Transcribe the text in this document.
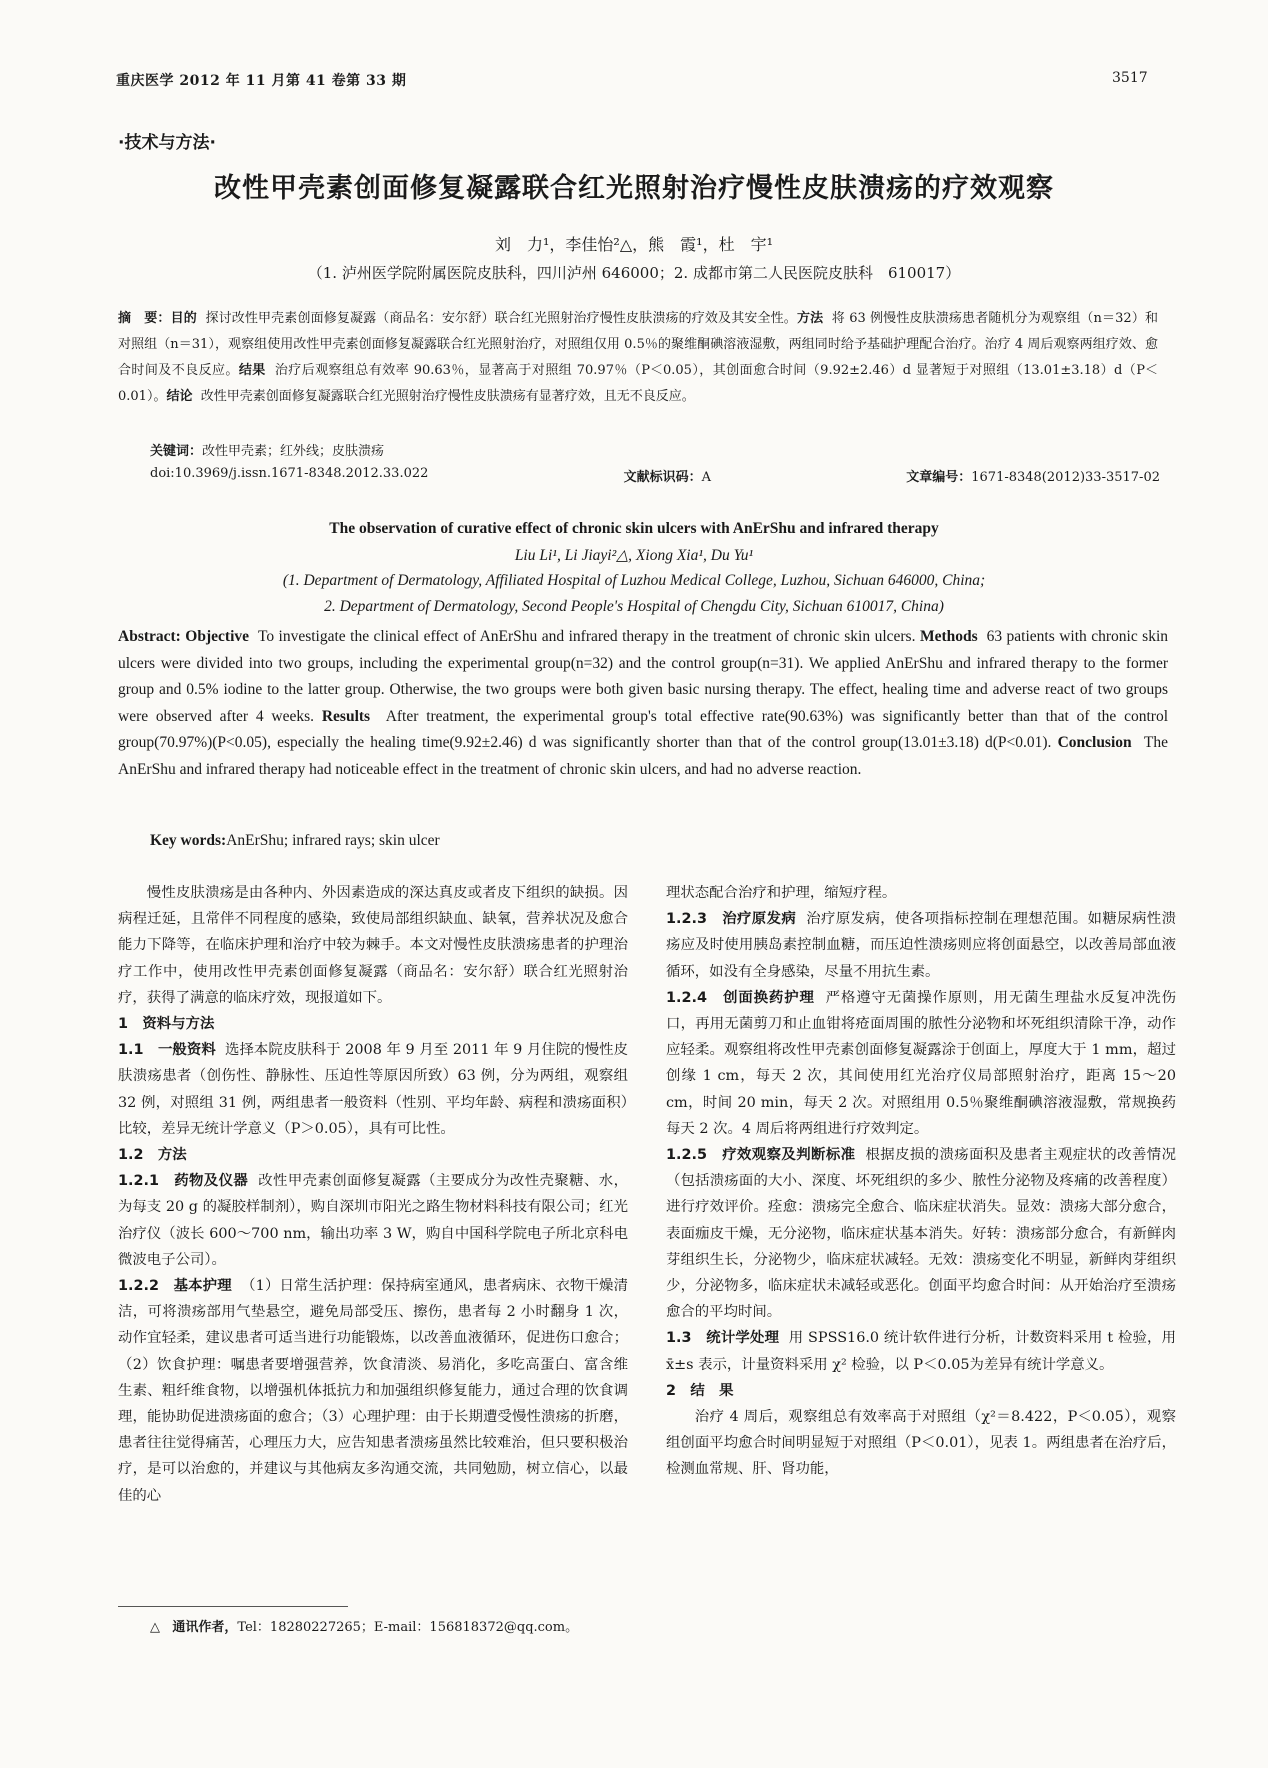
重庆医学 2012 年 11 月第 41 卷第 33 期	3517
·技术与方法·
改性甲壳素创面修复凝露联合红光照射治疗慢性皮肤溃疡的疗效观察
刘　力¹，李佳怡²△，熊　霞¹，杜　宇¹
（1. 泸州医学院附属医院皮肤科，四川泸州 646000；2. 成都市第二人民医院皮肤科　610017）
摘　要：目的 探讨改性甲壳素创面修复凝露（商品名：安尔舒）联合红光照射治疗慢性皮肤溃疡的疗效及其安全性。方法 将 63 例慢性皮肤溃疡患者随机分为观察组（n＝32）和对照组（n＝31），观察组使用改性甲壳素创面修复凝露联合红光照射治疗，对照组仅用 0.5％的聚维酮碘溶液湿敷，两组同时给予基础护理配合治疗。治疗 4 周后观察两组疗效、愈合时间及不良反应。结果 治疗后观察组总有效率 90.63％，显著高于对照组 70.97％（P＜0.05），其创面愈合时间（9.92±2.46）d 显著短于对照组（13.01±3.18）d（P＜0.01）。结论 改性甲壳素创面修复凝露联合红光照射治疗慢性皮肤溃疡有显著疗效，且无不良反应。
关键词：改性甲壳素；红外线；皮肤溃疡
doi:10.3969/j.issn.1671-8348.2012.33.022	文献标识码：A	文章编号：1671-8348(2012)33-3517-02
The observation of curative effect of chronic skin ulcers with AnErShu and infrared therapy
Liu Li¹, Li Jiayi²△, Xiong Xia¹, Du Yu¹
(1. Department of Dermatology, Affiliated Hospital of Luzhou Medical College, Luzhou, Sichuan 646000, China;
2. Department of Dermatology, Second People's Hospital of Chengdu City, Sichuan 610017, China)
Abstract: Objective To investigate the clinical effect of AnErShu and infrared therapy in the treatment of chronic skin ulcers. Methods 63 patients with chronic skin ulcers were divided into two groups, including the experimental group(n=32) and the control group(n=31). We applied AnErShu and infrared therapy to the former group and 0.5% iodine to the latter group. Otherwise, the two groups were both given basic nursing therapy. The effect, healing time and adverse react of two groups were observed after 4 weeks. Results After treatment, the experimental group's total effective rate(90.63%) was significantly better than that of the control group(70.97%)(P<0.05), especially the healing time(9.92±2.46) d was significantly shorter than that of the control group(13.01±3.18) d(P<0.01). Conclusion The AnErShu and infrared therapy had noticeable effect in the treatment of chronic skin ulcers, and had no adverse reaction.
Key words:AnErShu; infrared rays; skin ulcer

慢性皮肤溃疡是由各种内、外因素造成的深达真皮或者皮下组织的缺损。因病程迁延，且常伴不同程度的感染，致使局部组织缺血、缺氧，营养状况及愈合能力下降等，在临床护理和治疗中较为棘手。本文对慢性皮肤溃疡患者的护理治疗工作中，使用改性甲壳素创面修复凝露（商品名：安尔舒）联合红光照射治疗，获得了满意的临床疗效，现报道如下。

1　资料与方法

1.1　一般资料 选择本院皮肤科于 2008 年 9 月至 2011 年 9 月住院的慢性皮肤溃疡患者（创伤性、静脉性、压迫性等原因所致）63 例，分为两组，观察组 32 例，对照组 31 例，两组患者一般资料（性别、平均年龄、病程和溃疡面积）比较，差异无统计学意义（P＞0.05），具有可比性。

1.2　方法

1.2.1　药物及仪器 改性甲壳素创面修复凝露（主要成分为改性壳聚糖、水，为每支 20 g 的凝胶样制剂），购自深圳市阳光之路生物材料科技有限公司；红光治疗仪（波长 600～700 nm，输出功率 3 W，购自中国科学院电子所北京科电微波电子公司）。

1.2.2　基本护理 （1）日常生活护理：保持病室通风，患者病床、衣物干燥清洁，可将溃疡部用气垫悬空，避免局部受压、擦伤，患者每 2 小时翻身 1 次，动作宜轻柔，建议患者可适当进行功能锻炼，以改善血液循环，促进伤口愈合；（2）饮食护理：嘱患者要增强营养，饮食清淡、易消化，多吃高蛋白、富含维生素、粗纤维食物，以增强机体抵抗力和加强组织修复能力，通过合理的饮食调理，能协助促进溃疡面的愈合；（3）心理护理：由于长期遭受慢性溃疡的折磨，患者往往觉得痛苦，心理压力大，应告知患者溃疡虽然比较难治，但只要积极治疗，是可以治愈的，并建议与其他病友多沟通交流，共同勉励，树立信心，以最佳的心

理状态配合治疗和护理，缩短疗程。

1.2.3　治疗原发病 治疗原发病，使各项指标控制在理想范围。如糖尿病性溃疡应及时使用胰岛素控制血糖，而压迫性溃疡则应将创面悬空，以改善局部血液循环，如没有全身感染，尽量不用抗生素。

1.2.4　创面换药护理 严格遵守无菌操作原则，用无菌生理盐水反复冲洗伤口，再用无菌剪刀和止血钳将疮面周围的脓性分泌物和坏死组织清除干净，动作应轻柔。观察组将改性甲壳素创面修复凝露涂于创面上，厚度大于 1 mm，超过创缘 1 cm，每天 2 次，其间使用红光治疗仪局部照射治疗，距离 15～20 cm，时间 20 min，每天 2 次。对照组用 0.5％聚维酮碘溶液湿敷，常规换药每天 2 次。4 周后将两组进行疗效判定。

1.2.5　疗效观察及判断标准 根据皮损的溃疡面积及患者主观症状的改善情况（包括溃疡面的大小、深度、坏死组织的多少、脓性分泌物及疼痛的改善程度）进行疗效评价。痊愈：溃疡完全愈合、临床症状消失。显效：溃疡大部分愈合，表面痂皮干燥，无分泌物，临床症状基本消失。好转：溃疡部分愈合，有新鲜肉芽组织生长，分泌物少，临床症状减轻。无效：溃疡变化不明显，新鲜肉芽组织少，分泌物多，临床症状未减轻或恶化。创面平均愈合时间：从开始治疗至溃疡愈合的平均时间。

1.3　统计学处理 用 SPSS16.0 统计软件进行分析，计数资料采用 t 检验，用 x̄±s 表示，计量资料采用 χ² 检验，以 P＜0.05为差异有统计学意义。

2　结　果

治疗 4 周后，观察组总有效率高于对照组（χ²＝8.422，P＜0.05），观察组创面平均愈合时间明显短于对照组（P＜0.01），见表 1。两组患者在治疗后，检测血常规、肝、肾功能，

△ 通讯作者，Tel：18280227265；E-mail：156818372@qq.com。
